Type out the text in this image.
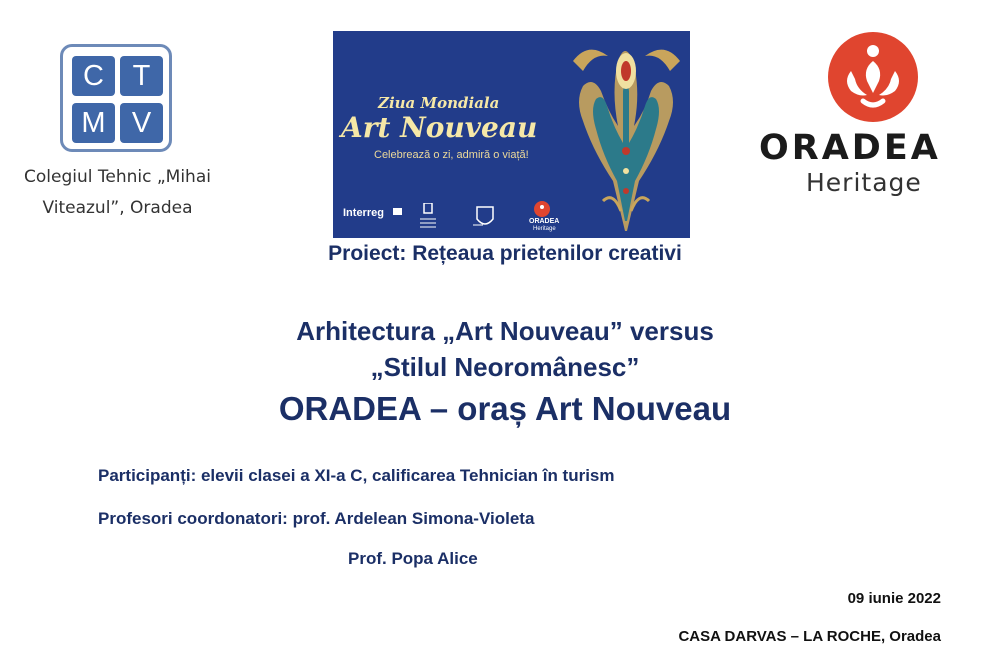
C T
M V
Colegiul Tehnic „Mihai
Viteazul”, Oradea
Ziua Mondiala
Art Nouveau
Celebrează o zi, admiră o viață!
Interreg
ORADEA
Heritage
ORADEA
Heritage
Proiect: Rețeaua prietenilor creativi
Arhitectura „Art Nouveau” versus
„Stilul Neoromânesc”
ORADEA – oraș Art Nouveau
Participanți: elevii clasei a XI-a C, calificarea Tehnician în turism
Profesori coordonatori: prof. Ardelean Simona-Violeta
Prof. Popa Alice
09 iunie 2022
CASA DARVAS – LA ROCHE, Oradea
